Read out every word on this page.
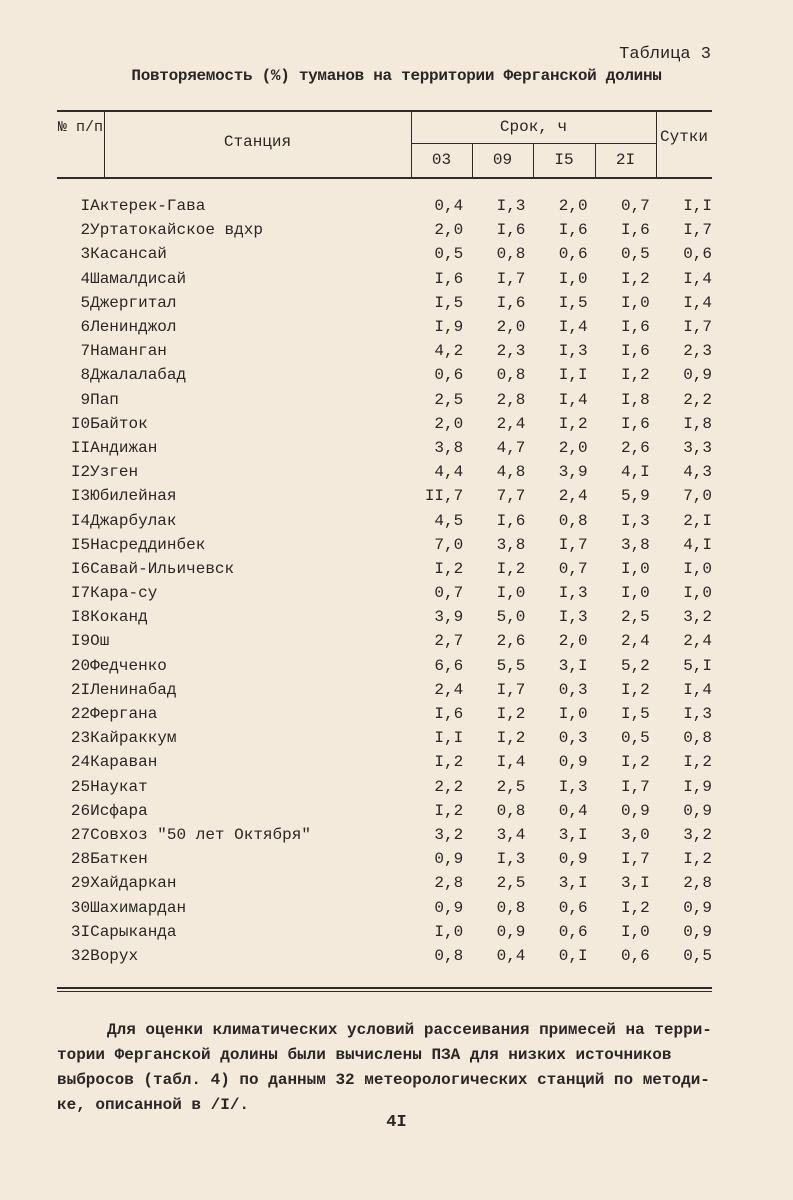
Таблица 3
Повторяемость (%) туманов на территории Ферганской долины
№ п/п
Станция
Срок, ч
Сутки
03	09	I5	2I
I	Актерек-Гава	0,4	I,3	2,0	0,7	I,I
2	Уртатокайское вдхр	2,0	I,6	I,6	I,6	I,7
3	Касансай	0,5	0,8	0,6	0,5	0,6
4	Шамалдисай	I,6	I,7	I,0	I,2	I,4
5	Джергитал	I,5	I,6	I,5	I,0	I,4
6	Ленинджол	I,9	2,0	I,4	I,6	I,7
7	Наманган	4,2	2,3	I,3	I,6	2,3
8	Джалалабад	0,6	0,8	I,I	I,2	0,9
9	Пап	2,5	2,8	I,4	I,8	2,2
I0	Байток	2,0	2,4	I,2	I,6	I,8
II	Андижан	3,8	4,7	2,0	2,6	3,3
I2	Узген	4,4	4,8	3,9	4,I	4,3
I3	Юбилейная	II,7	7,7	2,4	5,9	7,0
I4	Джарбулак	4,5	I,6	0,8	I,3	2,I
I5	Насреддинбек	7,0	3,8	I,7	3,8	4,I
I6	Савай-Ильичевск	I,2	I,2	0,7	I,0	I,0
I7	Кара-су	0,7	I,0	I,3	I,0	I,0
I8	Коканд	3,9	5,0	I,3	2,5	3,2
I9	Ош	2,7	2,6	2,0	2,4	2,4
20	Федченко	6,6	5,5	3,I	5,2	5,I
2I	Ленинабад	2,4	I,7	0,3	I,2	I,4
22	Фергана	I,6	I,2	I,0	I,5	I,3
23	Кайраккум	I,I	I,2	0,3	0,5	0,8
24	Караван	I,2	I,4	0,9	I,2	I,2
25	Наукат	2,2	2,5	I,3	I,7	I,9
26	Исфара	I,2	0,8	0,4	0,9	0,9
27	Совхоз "50 лет Октября"	3,2	3,4	3,I	3,0	3,2
28	Баткен	0,9	I,3	0,9	I,7	I,2
29	Хайдаркан	2,8	2,5	3,I	3,I	2,8
30	Шахимардан	0,9	0,8	0,6	I,2	0,9
3I	Сарыканда	I,0	0,9	0,6	I,0	0,9
32	Ворух	0,8	0,4	0,I	0,6	0,5
Для оценки климатических условий рассеивания примесей на терри-
тории Ферганской долины были вычислены ПЗА для низких источников
выбросов (табл. 4) по данным 32 метеорологических станций по методи-
ке, описанной в /I/.
4I
